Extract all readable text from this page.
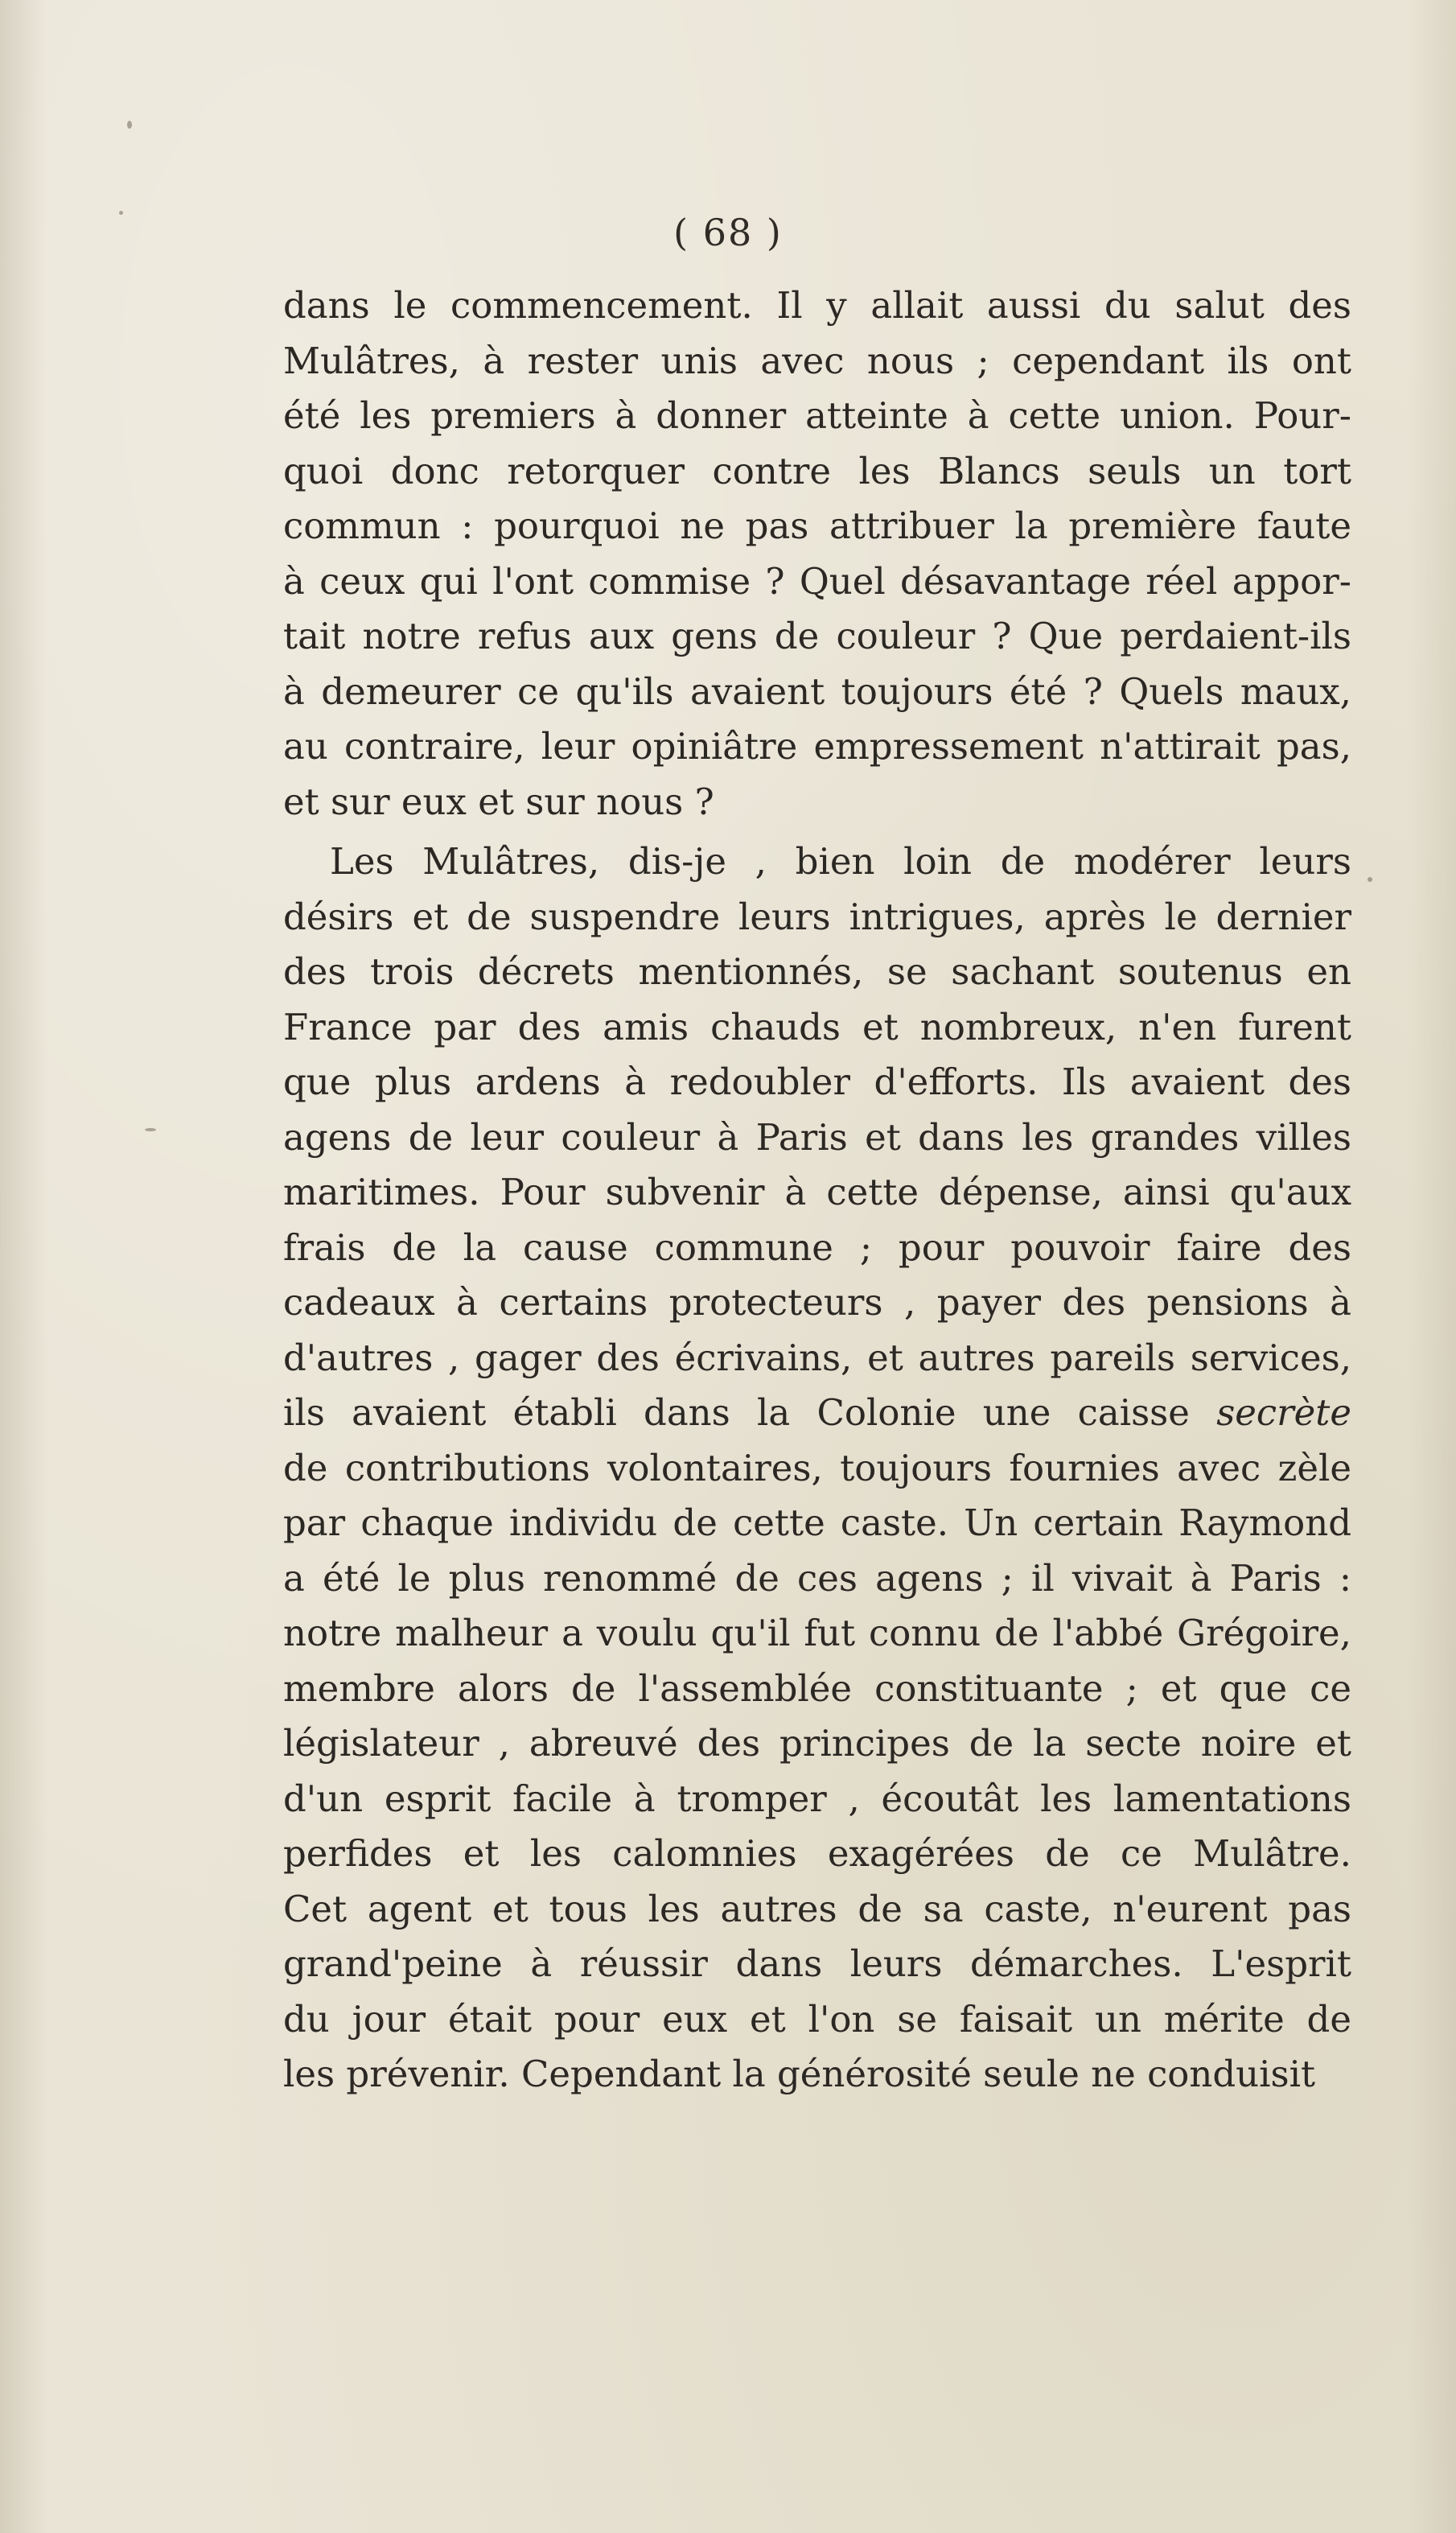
( 68 )
dans le commencement. Il y allait aussi du salut des
Mulâtres, à rester unis avec nous ; cependant ils ont
été les premiers à donner atteinte à cette union. Pour-
quoi donc retorquer contre les Blancs seuls un tort
commun : pourquoi ne pas attribuer la première faute
à ceux qui l'ont commise ? Quel désavantage réel appor-
tait notre refus aux gens de couleur ? Que perdaient-ils
à demeurer ce qu'ils avaient toujours été ? Quels maux,
au contraire, leur opiniâtre empressement n'attirait pas,
et sur eux et sur nous ?
Les Mulâtres, dis-je , bien loin de modérer leurs
désirs et de suspendre leurs intrigues, après le dernier
des trois décrets mentionnés, se sachant soutenus en
France par des amis chauds et nombreux, n'en furent
que plus ardens à redoubler d'efforts. Ils avaient des
agens de leur couleur à Paris et dans les grandes villes
maritimes. Pour subvenir à cette dépense, ainsi qu'aux
frais de la cause commune ; pour pouvoir faire des
cadeaux à certains protecteurs , payer des pensions à
d'autres , gager des écrivains, et autres pareils services,
ils avaient établi dans la Colonie une caisse secrète
de contributions volontaires, toujours fournies avec zèle
par chaque individu de cette caste. Un certain Raymond
a été le plus renommé de ces agens ; il vivait à Paris :
notre malheur a voulu qu'il fut connu de l'abbé Grégoire,
membre alors de l'assemblée constituante ; et que ce
législateur , abreuvé des principes de la secte noire et
d'un esprit facile à tromper , écoutât les lamentations
perfides et les calomnies exagérées de ce Mulâtre.
Cet agent et tous les autres de sa caste, n'eurent pas
grand'peine à réussir dans leurs démarches. L'esprit
du jour était pour eux et l'on se faisait un mérite de
les prévenir. Cependant la générosité seule ne conduisit
